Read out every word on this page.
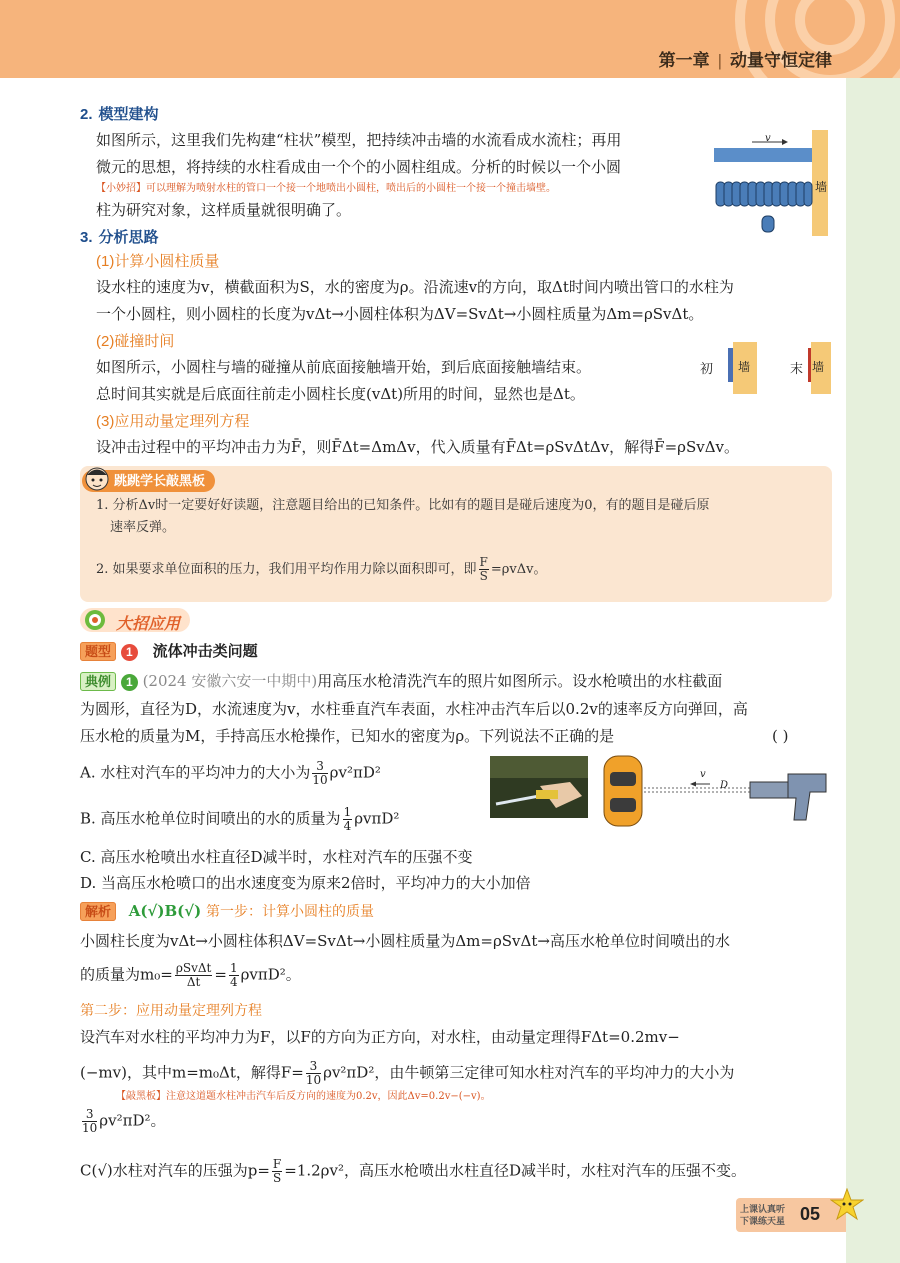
第一章 | 动量守恒定律
2. 模型建构
如图所示，这里我们先构建“柱状”模型，把持续冲击墙的水流看成水流柱；再用
微元的思想，将持续的水柱看成由一个个的小圆柱组成。分析的时候以一个小圆
【小妙招】可以理解为喷射水柱的管口一个接一个地喷出小圆柱，喷出后的小圆柱一个接一个撞击墙壁。
柱为研究对象，这样质量就很明确了。
v
墙
3. 分析思路
(1)计算小圆柱质量
设水柱的速度为v，横截面积为S，水的密度为ρ。沿流速v的方向，取Δt时间内喷出管口的水柱为
一个小圆柱，则小圆柱的长度为vΔt→小圆柱体积为ΔV=SvΔt→小圆柱质量为Δm=ρSvΔt。
(2)碰撞时间
如图所示，小圆柱与墙的碰撞从前底面接触墙开始，到后底面接触墙结束。
总时间其实就是后底面往前走小圆柱长度(vΔt)所用的时间，显然也是Δt。
(3)应用动量定理列方程
设冲击过程中的平均冲击力为F̄，则F̄Δt=ΔmΔv，代入质量有F̄Δt=ρSvΔtΔv，解得F̄=ρSvΔv。
初 墙	末 墙
跳跳学长敲黑板
1. 分析Δv时一定要好好读题，注意题目给出的已知条件。比如有的题目是碰后速度为0，有的题目是碰后原
速率反弹。
2. 如果要求单位面积的压力，我们用平均作用力除以面积即可，即 $\frac{F}{S} =\rho v\Delta v$。
大招应用
题型 1 流体冲击类问题
典例 1 (2024 安徽六安一中期中)用高压水枪清洗汽车的照片如图所示。设水枪喷出的水柱截面
为圆形，直径为D，水流速度为v，水柱垂直汽车表面，水柱冲击汽车后以0.2v的速率反方向弹回，高
压水枪的质量为M，手持高压水枪操作，已知水的密度为ρ。下列说法不正确的是	( )
A. 水柱对汽车的平均冲力的大小为 $\frac{3}{10} \rho v^2\pi D^2$
B. 高压水枪单位时间喷出的水的质量为 $\frac{1}{4} \rho v\pi D^2$
C. 高压水枪喷出水柱直径D减半时，水柱对汽车的压强不变
D. 当高压水枪喷口的出水速度变为原来2倍时，平均冲力的大小加倍
v
D
解析 A(√)B(√) 第一步：计算小圆柱的质量
小圆柱长度为vΔt→小圆柱体积ΔV=SvΔt→小圆柱质量为Δm=ρSvΔt→高压水枪单位时间喷出的水
的质量为$m_0= \frac{\text{ρSvΔt}}{\Delta t} = \frac{1}{4} \rho v\pi D^2$。
第二步：应用动量定理列方程
设汽车对水柱的平均冲力为F，以F的方向为正方向，对水柱，由动量定理得FΔt=0.2mv−
(−mv)，其中m=m₀Δt，解得$F= \frac{3}{10} \rho v^2\pi D^2$，由牛顿第三定律可知水柱对汽车的平均冲力的大小为
【敲黑板】注意这道题水柱冲击汽车后反方向的速度为0.2v，因此Δv=0.2v−(−v)。
$\frac{3}{10} \rho v^2\pi D^2$。
C(√)水柱对汽车的压强为$p= \frac{F}{S} =1.2\rho v^2$，高压水枪喷出水柱直径D减半时，水柱对汽车的压强不变。
上课认真听
下课练天星 05
